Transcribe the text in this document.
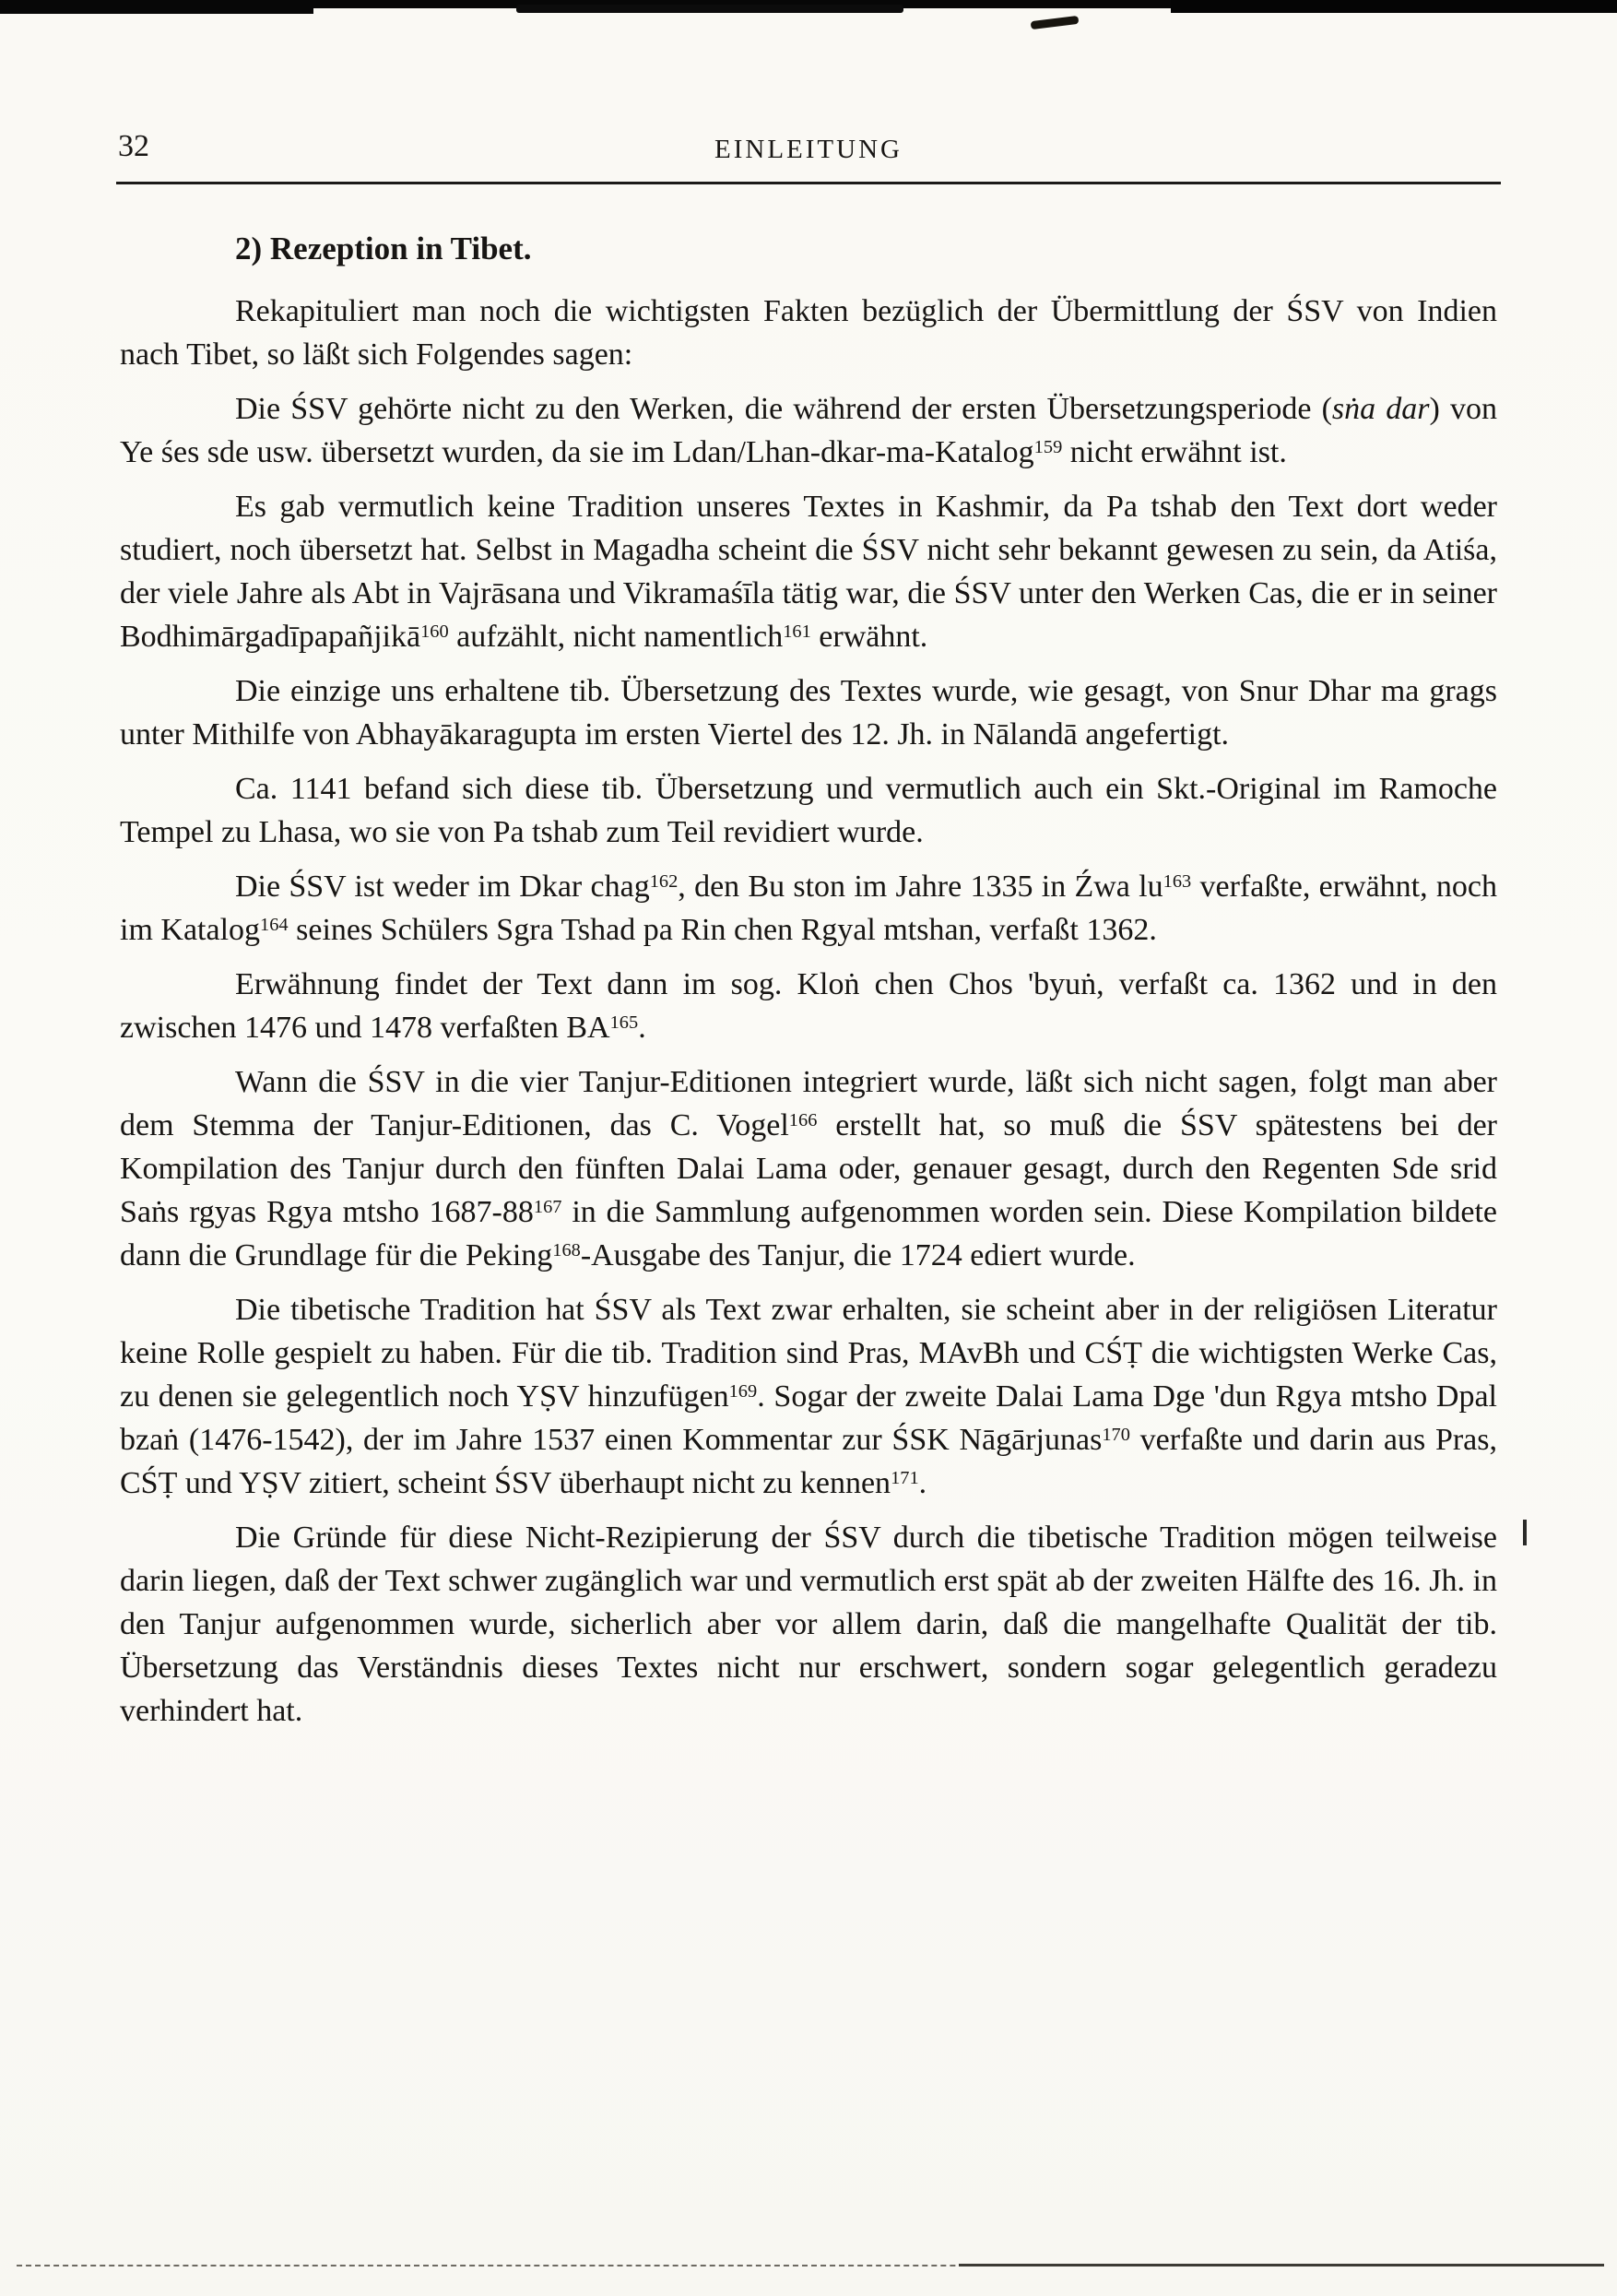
32	EINLEITUNG
2) Rezeption in Tibet.

Rekapituliert man noch die wichtigsten Fakten bezüglich der Übermittlung der ŚSV von Indien nach Tibet, so läßt sich Folgendes sagen:

Die ŚSV gehörte nicht zu den Werken, die während der ersten Übersetzungsperiode (sṅa dar) von Ye śes sde usw. übersetzt wurden, da sie im Ldan/Lhan-dkar-ma-Katalog$^{159}$ nicht erwähnt ist.

Es gab vermutlich keine Tradition unseres Textes in Kashmir, da Pa tshab den Text dort weder studiert, noch übersetzt hat. Selbst in Magadha scheint die ŚSV nicht sehr bekannt gewesen zu sein, da Atiśa, der viele Jahre als Abt in Vajrāsana und Vikramaśīla tätig war, die ŚSV unter den Werken Cas, die er in seiner Bodhimārgadīpapañjikā$^{160}$ aufzählt, nicht namentlich$^{161}$ erwähnt.

Die einzige uns erhaltene tib. Übersetzung des Textes wurde, wie gesagt, von Snur Dhar ma grags unter Mithilfe von Abhayākaragupta im ersten Viertel des 12. Jh. in Nālandā angefertigt.

Ca. 1141 befand sich diese tib. Übersetzung und vermutlich auch ein Skt.-Original im Ramoche Tempel zu Lhasa, wo sie von Pa tshab zum Teil revidiert wurde.

Die ŚSV ist weder im Dkar chag$^{162}$, den Bu ston im Jahre 1335 in Źwa lu$^{163}$ verfaßte, erwähnt, noch im Katalog$^{164}$ seines Schülers Sgra Tshad pa Rin chen Rgyal mtshan, verfaßt 1362.

Erwähnung findet der Text dann im sog. Kloṅ chen Chos 'byuṅ, verfaßt ca. 1362 und in den zwischen 1476 und 1478 verfaßten BA$^{165}$.

Wann die ŚSV in die vier Tanjur-Editionen integriert wurde, läßt sich nicht sagen, folgt man aber dem Stemma der Tanjur-Editionen, das C. Vogel$^{166}$ erstellt hat, so muß die ŚSV spätestens bei der Kompilation des Tanjur durch den fünften Dalai Lama oder, genauer gesagt, durch den Regenten Sde srid Saṅs rgyas Rgya mtsho 1687-88$^{167}$ in die Sammlung aufgenommen worden sein. Diese Kompilation bildete dann die Grundlage für die Peking$^{168}$-Ausgabe des Tanjur, die 1724 ediert wurde.

Die tibetische Tradition hat ŚSV als Text zwar erhalten, sie scheint aber in der religiösen Literatur keine Rolle gespielt zu haben. Für die tib. Tradition sind Pras, MAvBh und CŚṬ die wichtigsten Werke Cas, zu denen sie gelegentlich noch YṢV hinzufügen$^{169}$. Sogar der zweite Dalai Lama Dge 'dun Rgya mtsho Dpal bzaṅ (1476-1542), der im Jahre 1537 einen Kommentar zur ŚSK Nāgārjunas$^{170}$ verfaßte und darin aus Pras, CŚṬ und YṢV zitiert, scheint ŚSV überhaupt nicht zu kennen$^{171}$.

Die Gründe für diese Nicht-Rezipierung der ŚSV durch die tibetische Tradition mögen teilweise darin liegen, daß der Text schwer zugänglich war und vermutlich erst spät ab der zweiten Hälfte des 16. Jh. in den Tanjur aufgenommen wurde, sicherlich aber vor allem darin, daß die mangelhafte Qualität der tib. Übersetzung das Verständnis dieses Textes nicht nur erschwert, sondern sogar gelegentlich geradezu verhindert hat.
